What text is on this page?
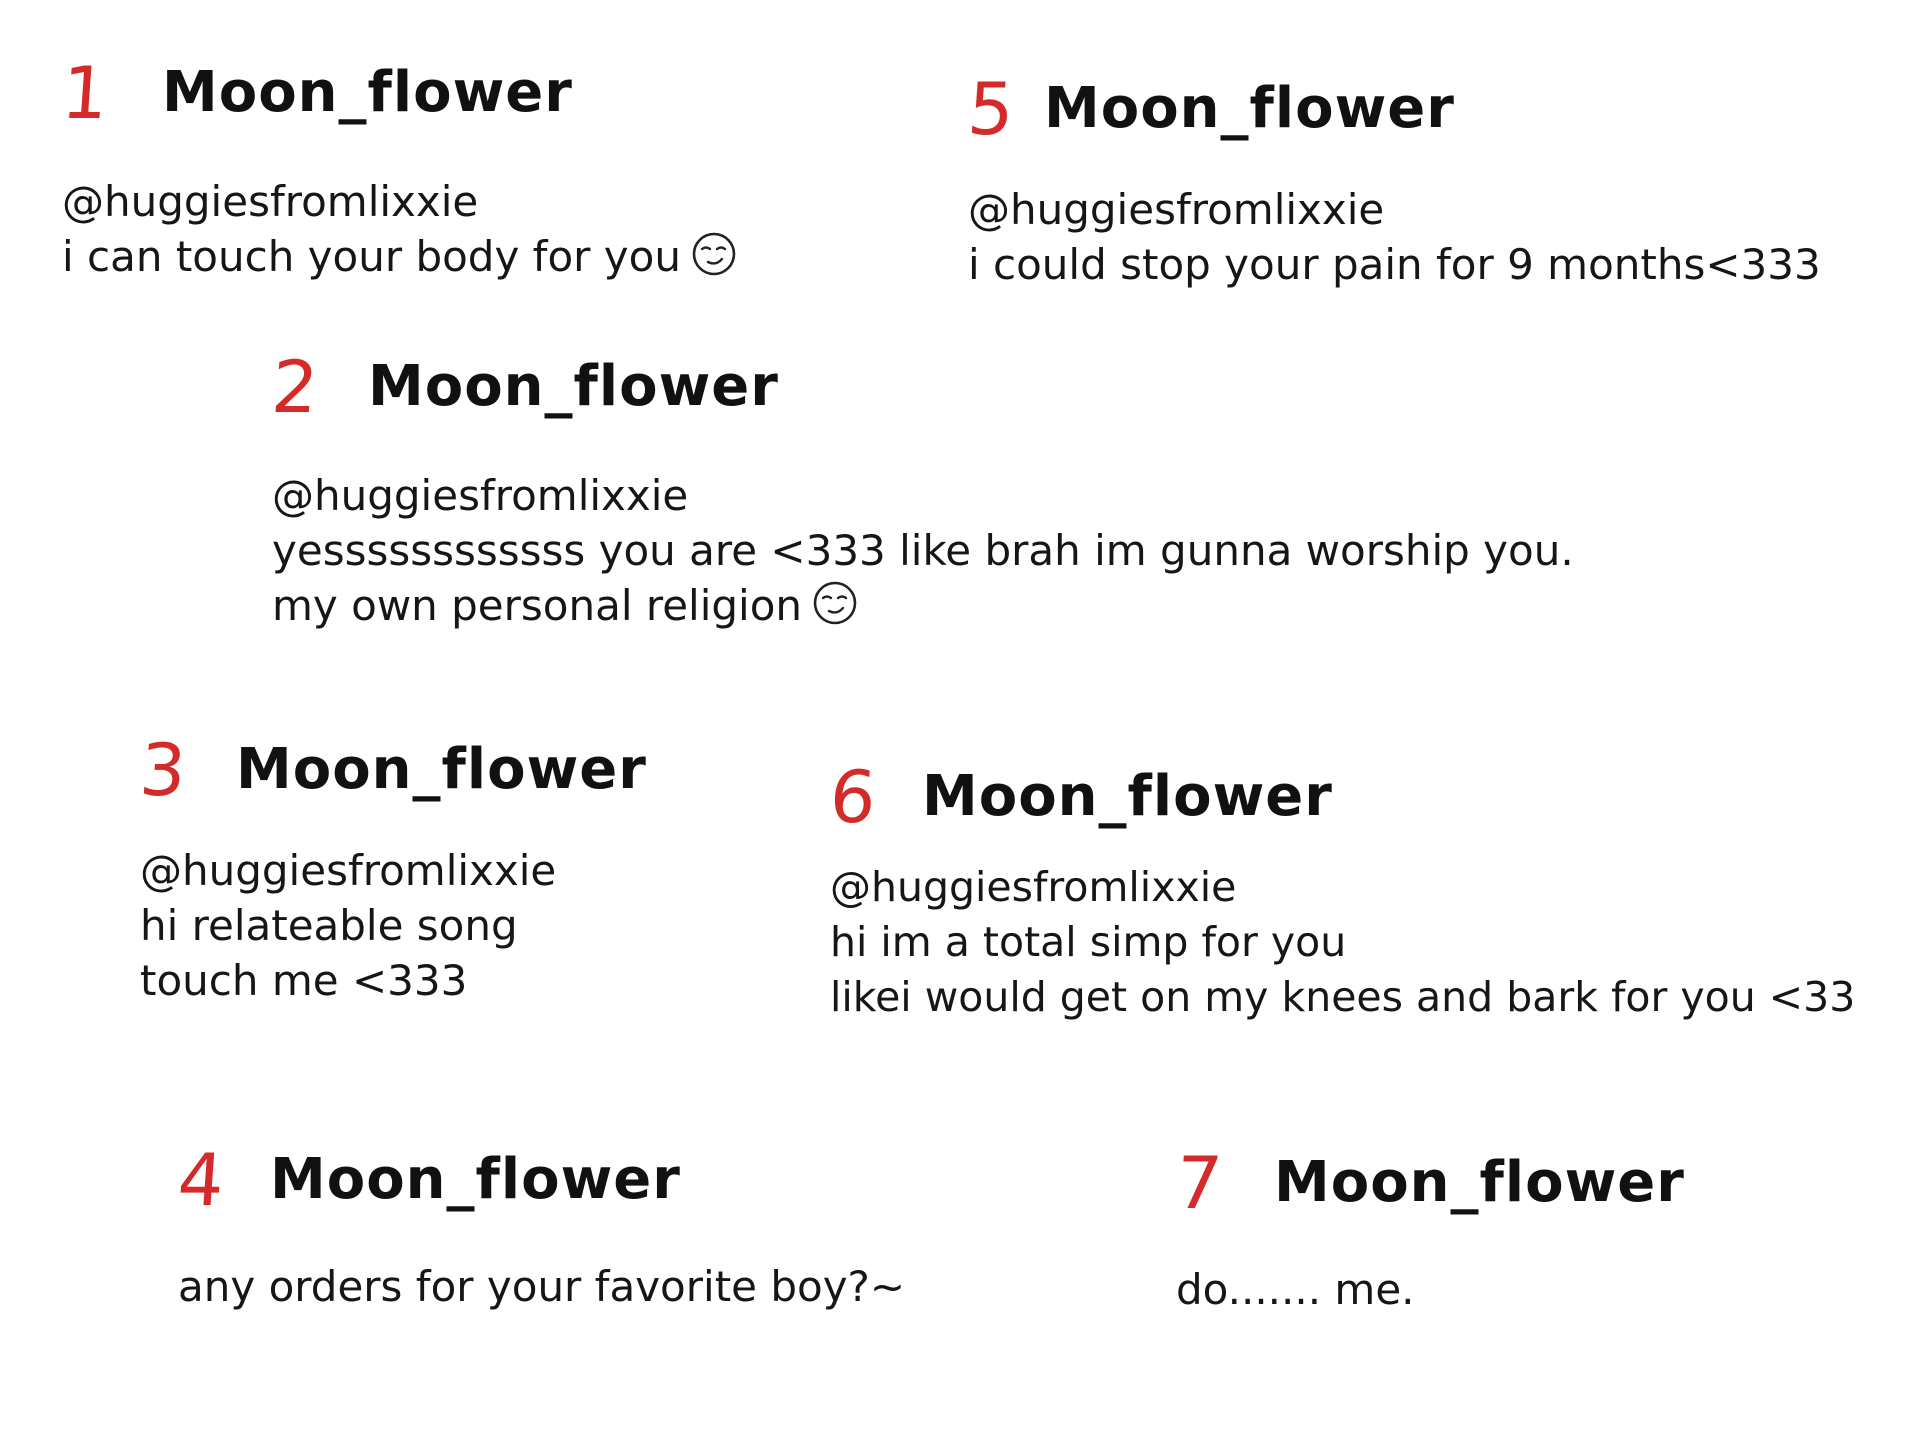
1 Moon_flower
@huggiesfromlixxie
i can touch your body for you
5 Moon_flower
@huggiesfromlixxie
i could stop your pain for 9 months<333
2 Moon_flower
@huggiesfromlixxie
yessssssssssss you are <333 like brah im gunna worship you.
my own personal religion
3 Moon_flower
@huggiesfromlixxie
hi relateable song
touch me <333
6 Moon_flower
@huggiesfromlixxie
hi im a total simp for you
likei would get on my knees and bark for you <33
4 Moon_flower
any orders for your favorite boy?~
7 Moon_flower
do....... me.
